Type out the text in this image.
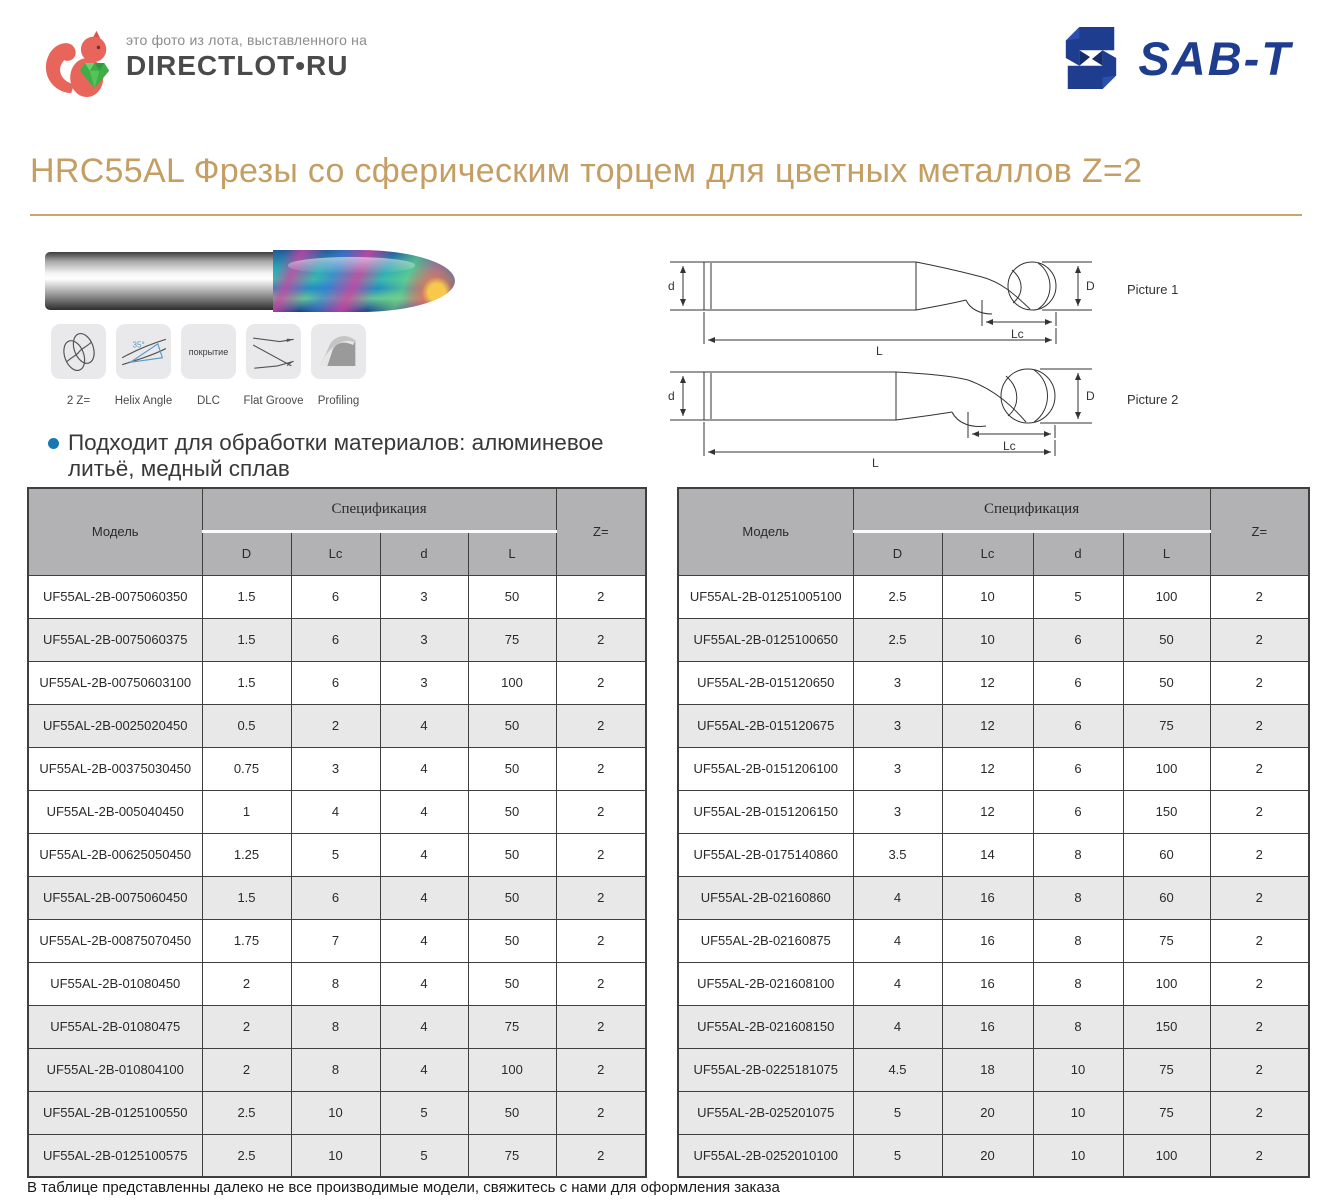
это фото из лота, выставленного на
DIRECTLOT•RU	SAB-T
HRC55AL Фрезы со сферическим торцем для цветных металлов Z=2
2 Z=
35°
Helix Angle
покрытие
DLC Flat Groove Profiling
d	D
Lc
L
Picture 1
d	D
Lc
L
Picture 2
Подходит для обработки материалов: алюминевое литьё, медный сплав
Модель	Спецификация				Z=
	D	Lc	d	L	
UF55AL-2B-0075060350	1.5	6	3	50	2
UF55AL-2B-0075060375	1.5	6	3	75	2
UF55AL-2B-00750603100	1.5	6	3	100	2
UF55AL-2B-0025020450	0.5	2	4	50	2
UF55AL-2B-00375030450	0.75	3	4	50	2
UF55AL-2B-005040450	1	4	4	50	2
UF55AL-2B-00625050450	1.25	5	4	50	2
UF55AL-2B-0075060450	1.5	6	4	50	2
UF55AL-2B-00875070450	1.75	7	4	50	2
UF55AL-2B-01080450	2	8	4	50	2
UF55AL-2B-01080475	2	8	4	75	2
UF55AL-2B-010804100	2	8	4	100	2
UF55AL-2B-0125100550	2.5	10	5	50	2
UF55AL-2B-0125100575	2.5	10	5	75	2
Модель	Спецификация				Z=
	D	Lc	d	L	
UF55AL-2B-01251005100	2.5	10	5	100	2
UF55AL-2B-0125100650	2.5	10	6	50	2
UF55AL-2B-015120650	3	12	6	50	2
UF55AL-2B-015120675	3	12	6	75	2
UF55AL-2B-0151206100	3	12	6	100	2
UF55AL-2B-0151206150	3	12	6	150	2
UF55AL-2B-0175140860	3.5	14	8	60	2
UF55AL-2B-02160860	4	16	8	60	2
UF55AL-2B-02160875	4	16	8	75	2
UF55AL-2B-021608100	4	16	8	100	2
UF55AL-2B-021608150	4	16	8	150	2
UF55AL-2B-0225181075	4.5	18	10	75	2
UF55AL-2B-025201075	5	20	10	75	2
UF55AL-2B-0252010100	5	20	10	100	2
В таблице представленны далеко не все производимые модели, свяжитесь с нами для оформления заказа
